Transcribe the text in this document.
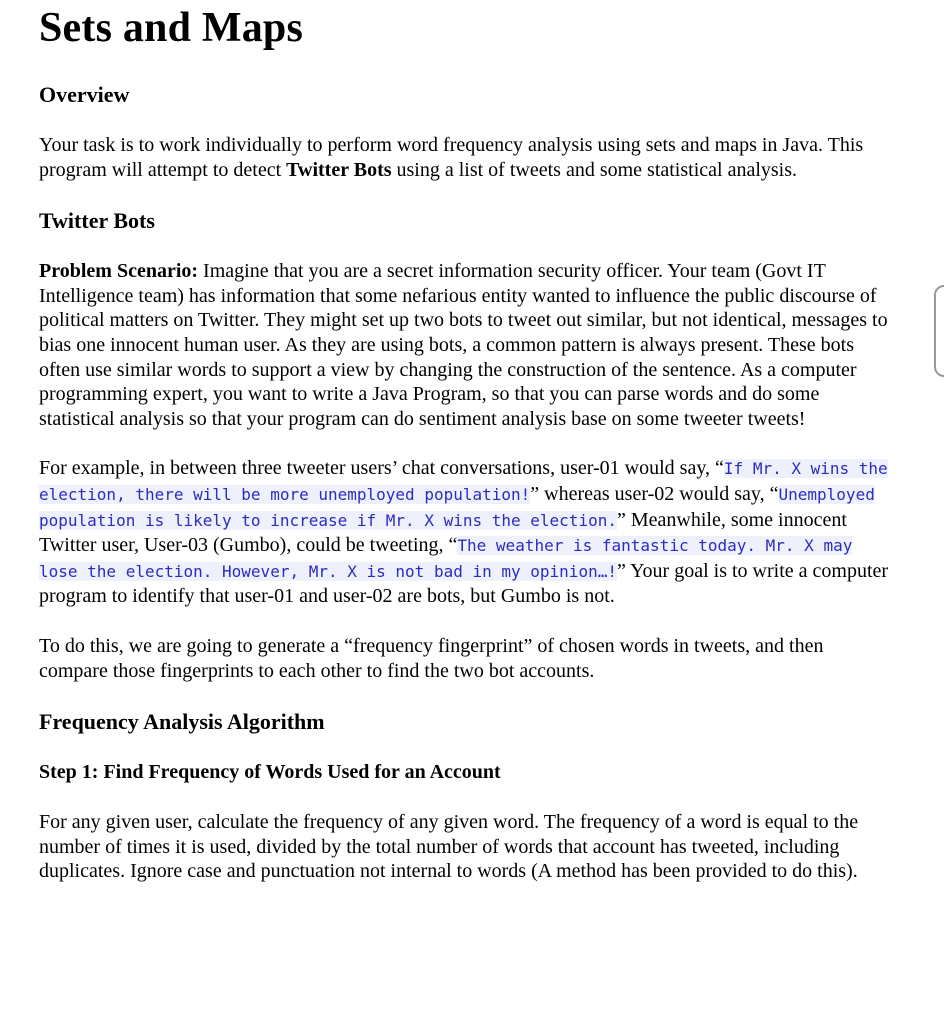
Sets and Maps
Overview

Your task is to work individually to perform word frequency analysis using sets and maps in Java. This program will attempt to detect Twitter Bots using a list of tweets and some statistical analysis.

Twitter Bots

Problem Scenario: Imagine that you are a secret information security officer. Your team (Govt IT Intelligence team) has information that some nefarious entity wanted to influence the public discourse of political matters on Twitter. They might set up two bots to tweet out similar, but not identical, messages to bias one innocent human user. As they are using bots, a common pattern is always present. These bots often use similar words to support a view by changing the construction of the sentence. As a computer programming expert, you want to write a Java Program, so that you can parse words and do some statistical analysis so that your program can do sentiment analysis base on some tweeter tweets!

For example, in between three tweeter users’ chat conversations, user-01 would say, “If Mr. X wins the election, there will be more unemployed population!” whereas user-02 would say, “Unemployed population is likely to increase if Mr. X wins the election.” Meanwhile, some innocent Twitter user, User-03 (Gumbo), could be tweeting, “The weather is fantastic today. Mr. X may lose the election. However, Mr. X is not bad in my opinion…!” Your goal is to write a computer program to identify that user-01 and user-02 are bots, but Gumbo is not.

To do this, we are going to generate a “frequency fingerprint” of chosen words in tweets, and then compare those fingerprints to each other to find the two bot accounts.

Frequency Analysis Algorithm
Step 1: Find Frequency of Words Used for an Account

For any given user, calculate the frequency of any given word. The frequency of a word is equal to the number of times it is used, divided by the total number of words that account has tweeted, including duplicates. Ignore case and punctuation not internal to words (A method has been provided to do this).
